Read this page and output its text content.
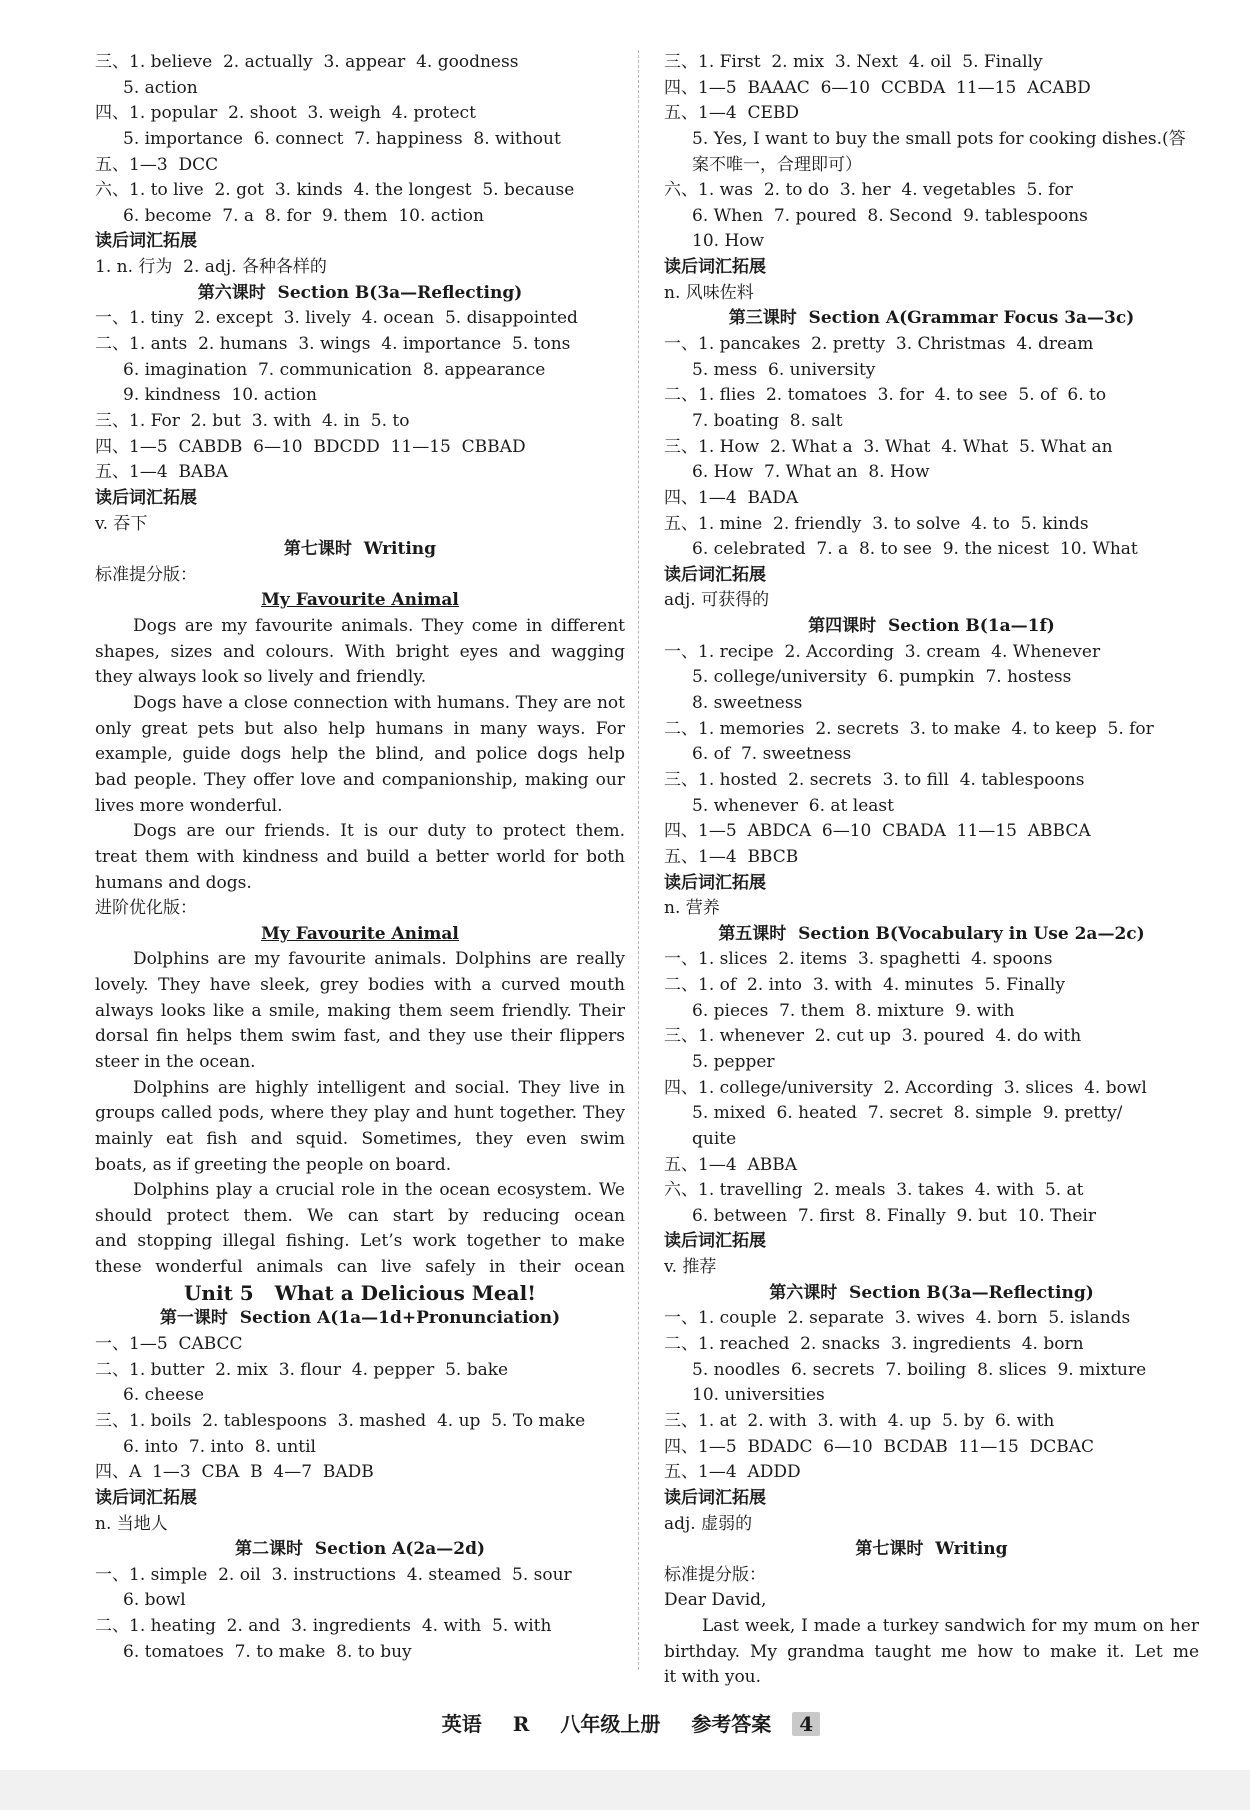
三、1. believe  2. actually  3. appear  4. goodness
5. action
四、1. popular  2. shoot  3. weigh  4. protect
5. importance  6. connect  7. happiness  8. without
五、1—3  DCC
六、1. to live  2. got  3. kinds  4. the longest  5. because
6. become  7. a  8. for  9. them  10. action
读后词汇拓展
1. n. 行为  2. adj. 各种各样的
第六课时  Section B(3a—Reflecting)
一、1. tiny  2. except  3. lively  4. ocean  5. disappointed
二、1. ants  2. humans  3. wings  4. importance  5. tons
6. imagination  7. communication  8. appearance
9. kindness  10. action
三、1. For  2. but  3. with  4. in  5. to
四、1—5  CABDB  6—10  BDCDD  11—15  CBBAD
五、1—4  BABA
读后词汇拓展
v. 吞下
第七课时  Writing
标准提分版：
My Favourite Animal
Dogs are my favourite animals. They come in different
shapes, sizes and colours. With bright eyes and wagging
they always look so lively and friendly.
Dogs have a close connection with humans. They are not
only great pets but also help humans in many ways. For
example, guide dogs help the blind, and police dogs help
bad people. They offer love and companionship, making our
lives more wonderful.
Dogs are our friends. It is our duty to protect them.
treat them with kindness and build a better world for both
humans and dogs.
进阶优化版：
My Favourite Animal
Dolphins are my favourite animals. Dolphins are really
lovely. They have sleek, grey bodies with a curved mouth
always looks like a smile, making them seem friendly. Their
dorsal fin helps them swim fast, and they use their flippers
steer in the ocean.
Dolphins are highly intelligent and social. They live in
groups called pods, where they play and hunt together. They
mainly eat fish and squid. Sometimes, they even swim
boats, as if greeting the people on board.
Dolphins play a crucial role in the ocean ecosystem. We
should protect them. We can start by reducing ocean
and stopping illegal fishing. Let’s work together to make
these wonderful animals can live safely in their ocean
Unit 5   What a Delicious Meal!
第一课时  Section A(1a—1d+Pronunciation)
一、1—5  CABCC
二、1. butter  2. mix  3. flour  4. pepper  5. bake
6. cheese
三、1. boils  2. tablespoons  3. mashed  4. up  5. To make
6. into  7. into  8. until
四、A  1—3  CBA  B  4—7  BADB
读后词汇拓展
n. 当地人
第二课时  Section A(2a—2d)
一、1. simple  2. oil  3. instructions  4. steamed  5. sour
6. bowl
二、1. heating  2. and  3. ingredients  4. with  5. with
6. tomatoes  7. to make  8. to buy
三、1. First  2. mix  3. Next  4. oil  5. Finally
四、1—5  BAAAC  6—10  CCBDA  11—15  ACABD
五、1—4  CEBD
5. Yes, I want to buy the small pots for cooking dishes.(答
案不唯一，合理即可）
六、1. was  2. to do  3. her  4. vegetables  5. for
6. When  7. poured  8. Second  9. tablespoons
10. How
读后词汇拓展
n. 风味佐料
第三课时  Section A(Grammar Focus 3a—3c)
一、1. pancakes  2. pretty  3. Christmas  4. dream
5. mess  6. university
二、1. flies  2. tomatoes  3. for  4. to see  5. of  6. to
7. boating  8. salt
三、1. How  2. What a  3. What  4. What  5. What an
6. How  7. What an  8. How
四、1—4  BADA
五、1. mine  2. friendly  3. to solve  4. to  5. kinds
6. celebrated  7. a  8. to see  9. the nicest  10. What
读后词汇拓展
adj. 可获得的
第四课时  Section B(1a—1f)
一、1. recipe  2. According  3. cream  4. Whenever
5. college/university  6. pumpkin  7. hostess
8. sweetness
二、1. memories  2. secrets  3. to make  4. to keep  5. for
6. of  7. sweetness
三、1. hosted  2. secrets  3. to fill  4. tablespoons
5. whenever  6. at least
四、1—5  ABDCA  6—10  CBADA  11—15  ABBCA
五、1—4  BBCB
读后词汇拓展
n. 营养
第五课时  Section B(Vocabulary in Use 2a—2c)
一、1. slices  2. items  3. spaghetti  4. spoons
二、1. of  2. into  3. with  4. minutes  5. Finally
6. pieces  7. them  8. mixture  9. with
三、1. whenever  2. cut up  3. poured  4. do with
5. pepper
四、1. college/university  2. According  3. slices  4. bowl
5. mixed  6. heated  7. secret  8. simple  9. pretty/
quite
五、1—4  ABBA
六、1. travelling  2. meals  3. takes  4. with  5. at
6. between  7. first  8. Finally  9. but  10. Their
读后词汇拓展
v. 推荐
第六课时  Section B(3a—Reflecting)
一、1. couple  2. separate  3. wives  4. born  5. islands
二、1. reached  2. snacks  3. ingredients  4. born
5. noodles  6. secrets  7. boiling  8. slices  9. mixture
10. universities
三、1. at  2. with  3. with  4. up  5. by  6. with
四、1—5  BDADC  6—10  BCDAB  11—15  DCBAC
五、1—4  ADDD
读后词汇拓展
adj. 虚弱的
第七课时  Writing
标准提分版：
Dear David,
Last week, I made a turkey sandwich for my mum on her
birthday. My grandma taught me how to make it. Let me
it with you.
英语 R 八年级上册 参考答案 4
